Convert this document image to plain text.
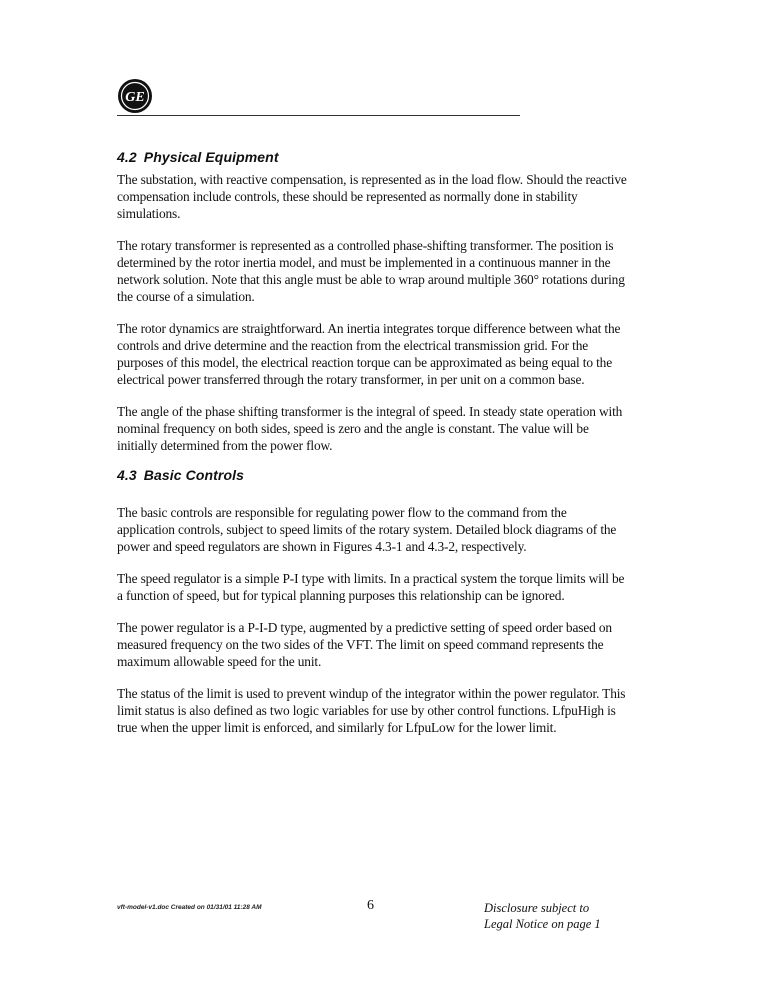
GE
4.2 Physical Equipment

The substation, with reactive compensation, is represented as in the load flow. Should the reactive compensation include controls, these should be represented as normally done in stability simulations.

The rotary transformer is represented as a controlled phase-shifting transformer. The position is determined by the rotor inertia model, and must be implemented in a continuous manner in the network solution. Note that this angle must be able to wrap around multiple 360° rotations during the course of a simulation.

The rotor dynamics are straightforward. An inertia integrates torque difference between what the controls and drive determine and the reaction from the electrical transmission grid. For the purposes of this model, the electrical reaction torque can be approximated as being equal to the electrical power transferred through the rotary transformer, in per unit on a common base.

The angle of the phase shifting transformer is the integral of speed. In steady state operation with nominal frequency on both sides, speed is zero and the angle is constant. The value will be initially determined from the power flow.

4.3 Basic Controls

The basic controls are responsible for regulating power flow to the command from the application controls, subject to speed limits of the rotary system. Detailed block diagrams of the power and speed regulators are shown in Figures 4.3-1 and 4.3-2, respectively.

The speed regulator is a simple P-I type with limits. In a practical system the torque limits will be a function of speed, but for typical planning purposes this relationship can be ignored.

The power regulator is a P-I-D type, augmented by a predictive setting of speed order based on measured frequency on the two sides of the VFT. The limit on speed command represents the maximum allowable speed for the unit.

The status of the limit is used to prevent windup of the integrator within the power regulator. This limit status is also defined as two logic variables for use by other control functions. LfpuHigh is true when the upper limit is enforced, and similarly for LfpuLow for the lower limit.

vft-model-v1.doc Created on 01/31/01 11:28 AM	6	Disclosure subject to
Legal Notice on page 1
